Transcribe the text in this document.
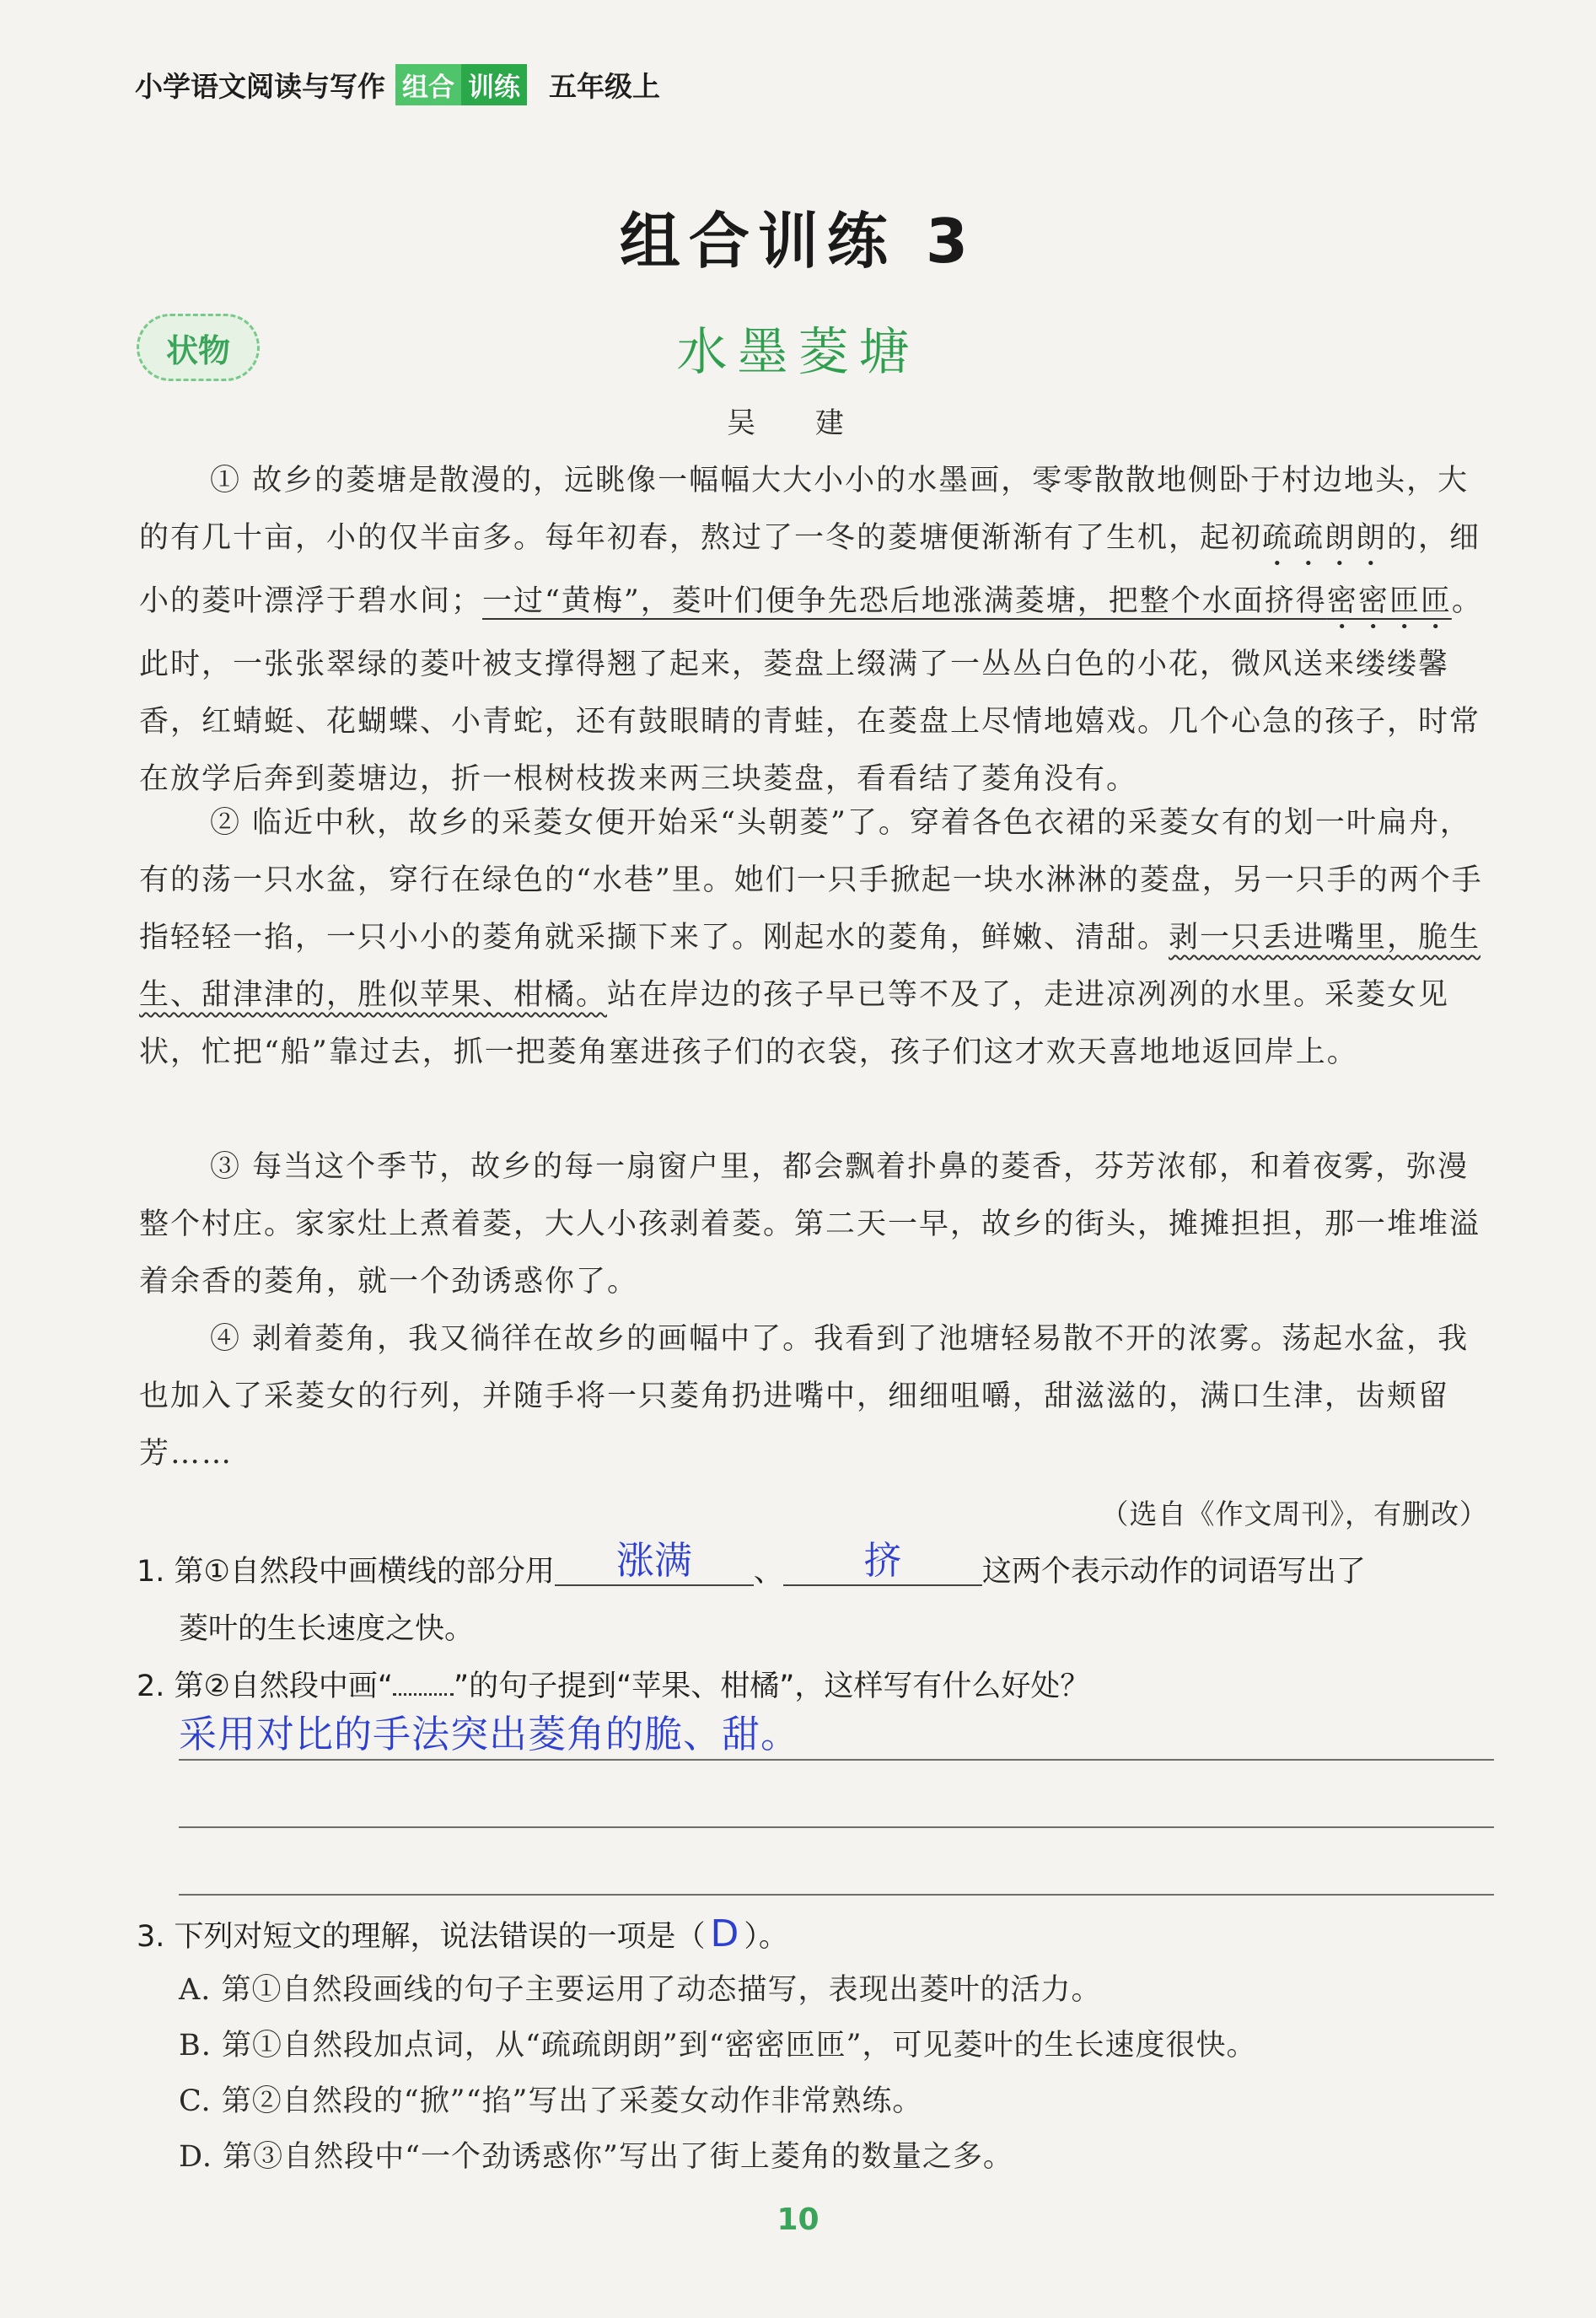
小学语文阅读与写作 组合 训练 五年级上
组合训练 3
状物	水墨菱塘
吴 建

① 故乡的菱塘是散漫的，远眺像一幅幅大大小小的水墨画，零零散散地侧卧于村边地头，大的有几十亩，小的仅半亩多。每年初春，熬过了一冬的菱塘便渐渐有了生机，起初疏疏朗朗的，细小的菱叶漂浮于碧水间；一过“黄梅”，菱叶们便争先恐后地涨满菱塘，把整个水面挤得密密匝匝。此时，一张张翠绿的菱叶被支撑得翘了起来，菱盘上缀满了一丛丛白色的小花，微风送来缕缕馨香，红蜻蜓、花蝴蝶、小青蛇，还有鼓眼睛的青蛙，在菱盘上尽情地嬉戏。几个心急的孩子，时常在放学后奔到菱塘边，折一根树枝拨来两三块菱盘，看看结了菱角没有。

② 临近中秋，故乡的采菱女便开始采“头朝菱”了。穿着各色衣裙的采菱女有的划一叶扁舟，有的荡一只水盆，穿行在绿色的“水巷”里。她们一只手掀起一块水淋淋的菱盘，另一只手的两个手指轻轻一掐，一只小小的菱角就采撷下来了。刚起水的菱角，鲜嫩、清甜。剥一只丢进嘴里，脆生生、甜津津的，胜似苹果、柑橘。站在岸边的孩子早已等不及了，走进凉冽冽的水里。采菱女见状，忙把“船”靠过去，抓一把菱角塞进孩子们的衣袋，孩子们这才欢天喜地地返回岸上。

③ 每当这个季节，故乡的每一扇窗户里，都会飘着扑鼻的菱香，芬芳浓郁，和着夜雾，弥漫整个村庄。家家灶上煮着菱，大人小孩剥着菱。第二天一早，故乡的街头，摊摊担担，那一堆堆溢着余香的菱角，就一个劲诱惑你了。

④ 剥着菱角，我又徜徉在故乡的画幅中了。我看到了池塘轻易散不开的浓雾。荡起水盆，我也加入了采菱女的行列，并随手将一只菱角扔进嘴中，细细咀嚼，甜滋滋的，满口生津，齿颊留芳……

（选自《作文周刊》，有删改）
1. 第①自然段中画横线的部分用	涨满	、	挤	这两个表示动作的词语写出了
菱叶的生长速度之快。
2. 第②自然段中画“ ”的句子提到“苹果、柑橘”，这样写有什么好处？
采用对比的手法突出菱角的脆、甜。
3. 下列对短文的理解，说法错误的一项是（ D ）。
A. 第①自然段画线的句子主要运用了动态描写，表现出菱叶的活力。
B. 第①自然段加点词，从“疏疏朗朗”到“密密匝匝”，可见菱叶的生长速度很快。
C. 第②自然段的“掀”“掐”写出了采菱女动作非常熟练。
D. 第③自然段中“一个劲诱惑你”写出了街上菱角的数量之多。
10
